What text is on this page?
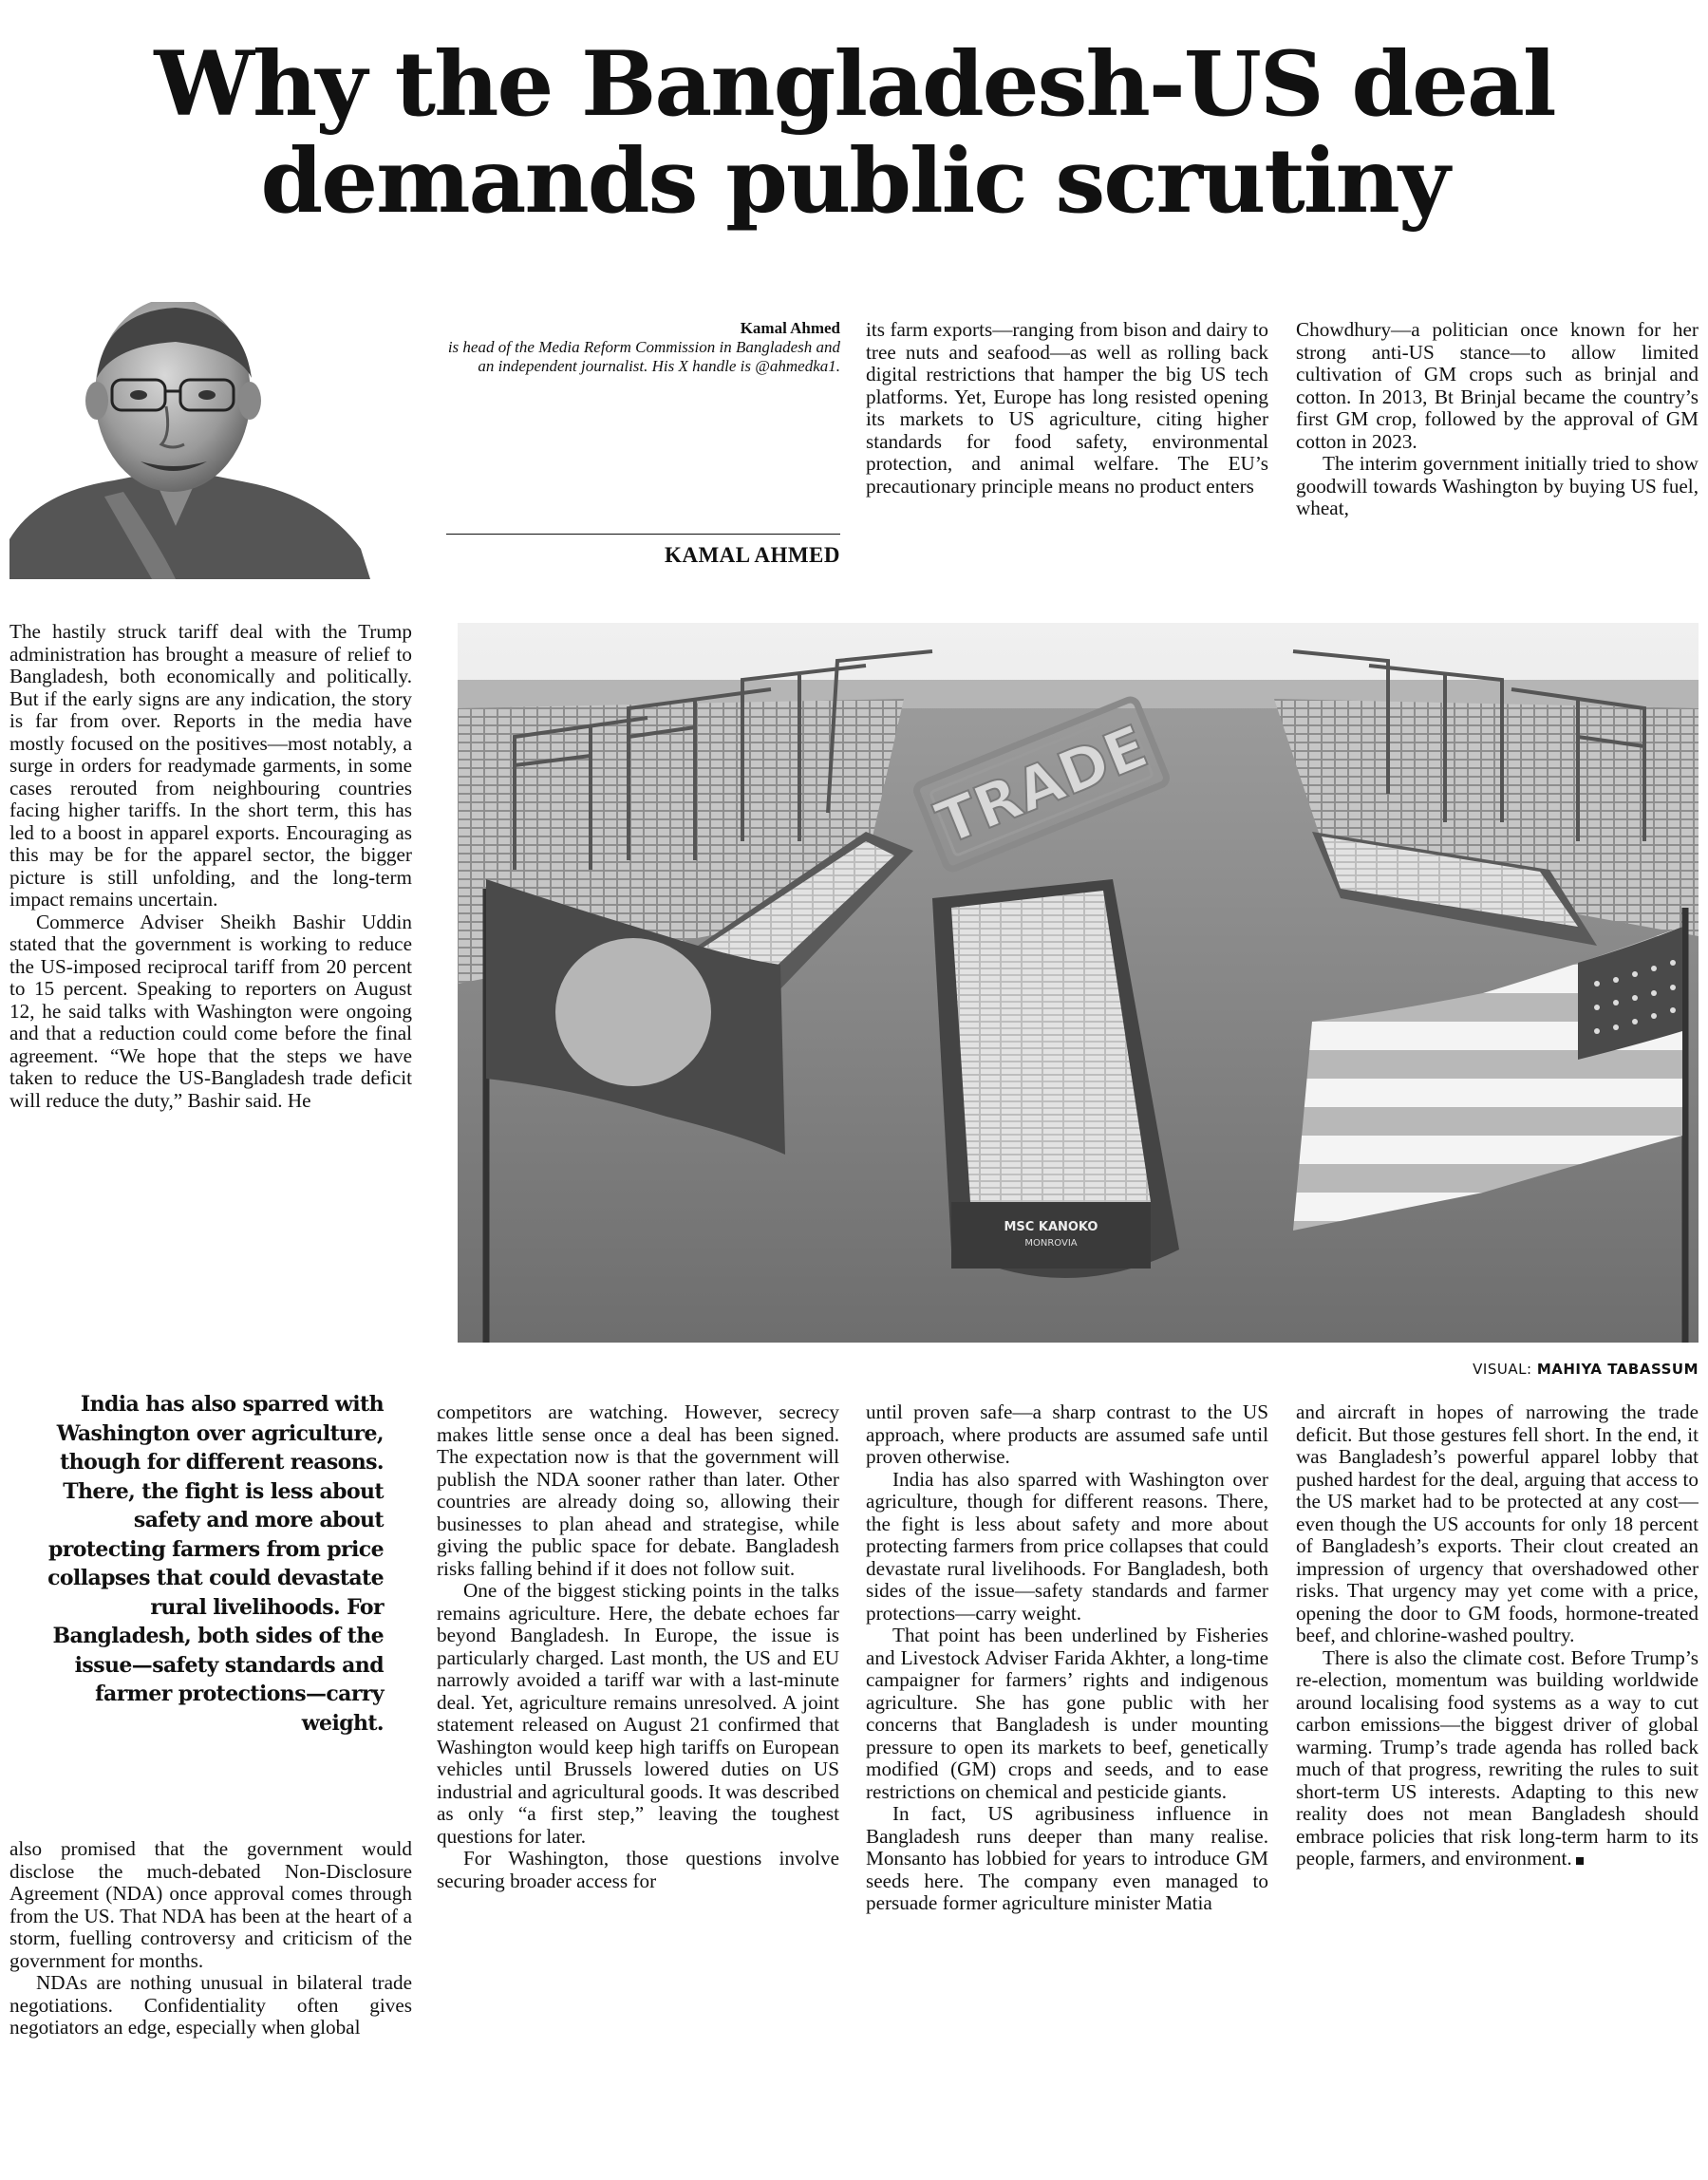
Why the Bangladesh-US deal
demands public scrutiny
Kamal Ahmed
is head of the Media Reform Commission in Bangladesh and an independent journalist. His X handle is @ahmedka1.
KAMAL AHMED

its farm exports—ranging from bison and dairy to tree nuts and seafood—as well as rolling back digital restrictions that hamper the big US tech platforms. Yet, Europe has long resisted opening its markets to US agriculture, citing higher standards for food safety, environmental protection, and animal welfare. The EU’s precautionary principle means no product enters

Chowdhury—a politician once known for her strong anti-US stance—to allow limited cultivation of GM crops such as brinjal and cotton. In 2013, Bt Brinjal became the country’s first GM crop, followed by the approval of GM cotton in 2023.

The interim government initially tried to show goodwill towards Washington by buying US fuel, wheat,

The hastily struck tariff deal with the Trump administration has brought a measure of relief to Bangladesh, both economically and politically. But if the early signs are any indication, the story is far from over. Reports in the media have mostly focused on the positives—most notably, a surge in orders for readymade garments, in some cases rerouted from neighbouring countries facing higher tariffs. In the short term, this has led to a boost in apparel exports. Encouraging as this may be for the apparel sector, the bigger picture is still unfolding, and the long-term impact remains uncertain.

Commerce Adviser Sheikh Bashir Uddin stated that the government is working to reduce the US-imposed reciprocal tariff from 20 percent to 15 percent. Speaking to reporters on August 12, he said talks with Washington were ongoing and that a reduction could come before the final agreement. “We hope that the steps we have taken to reduce the US-Bangladesh trade deficit will reduce the duty,” Bashir said. He

MSC KANOKO
MONROVIA
TRADE
VISUAL: MAHIYA TABASSUM
India has also sparred with Washington over agriculture, though for different reasons. There, the fight is less about safety and more about protecting farmers from price collapses that could devastate rural livelihoods. For Bangladesh, both sides of the issue—safety standards and farmer protections—carry weight.

also promised that the government would disclose the much-debated Non-Disclosure Agreement (NDA) once approval comes through from the US. That NDA has been at the heart of a storm, fuelling controversy and criticism of the government for months.

NDAs are nothing unusual in bilateral trade negotiations. Confidentiality often gives negotiators an edge, especially when global

competitors are watching. However, secrecy makes little sense once a deal has been signed. The expectation now is that the government will publish the NDA sooner rather than later. Other countries are already doing so, allowing their businesses to plan ahead and strategise, while giving the public space for debate. Bangladesh risks falling behind if it does not follow suit.

One of the biggest sticking points in the talks remains agriculture. Here, the debate echoes far beyond Bangladesh. In Europe, the issue is particularly charged. Last month, the US and EU narrowly avoided a tariff war with a last-minute deal. Yet, agriculture remains unresolved. A joint statement released on August 21 confirmed that Washington would keep high tariffs on European vehicles until Brussels lowered duties on US industrial and agricultural goods. It was described as only “a first step,” leaving the toughest questions for later.

For Washington, those questions involve securing broader access for

until proven safe—a sharp contrast to the US approach, where products are assumed safe until proven otherwise.

India has also sparred with Washington over agriculture, though for different reasons. There, the fight is less about safety and more about protecting farmers from price collapses that could devastate rural livelihoods. For Bangladesh, both sides of the issue—safety standards and farmer protections—carry weight.

That point has been underlined by Fisheries and Livestock Adviser Farida Akhter, a long-time campaigner for farmers’ rights and indigenous agriculture. She has gone public with her concerns that Bangladesh is under mounting pressure to open its markets to beef, genetically modified (GM) crops and seeds, and to ease restrictions on chemical and pesticide giants.

In fact, US agribusiness influence in Bangladesh runs deeper than many realise. Monsanto has lobbied for years to introduce GM seeds here. The company even managed to persuade former agriculture minister Matia

and aircraft in hopes of narrowing the trade deficit. But those gestures fell short. In the end, it was Bangladesh’s powerful apparel lobby that pushed hardest for the deal, arguing that access to the US market had to be protected at any cost—even though the US accounts for only 18 percent of Bangladesh’s exports. Their clout created an impression of urgency that overshadowed other risks. That urgency may yet come with a price, opening the door to GM foods, hormone-treated beef, and chlorine-washed poultry.

There is also the climate cost. Before Trump’s re-election, momentum was building worldwide around localising food systems as a way to cut carbon emissions—the biggest driver of global warming. Trump’s trade agenda has rolled back much of that progress, rewriting the rules to suit short-term US interests. Adapting to this new reality does not mean Bangladesh should embrace policies that risk long-term harm to its people, farmers, and environment.
